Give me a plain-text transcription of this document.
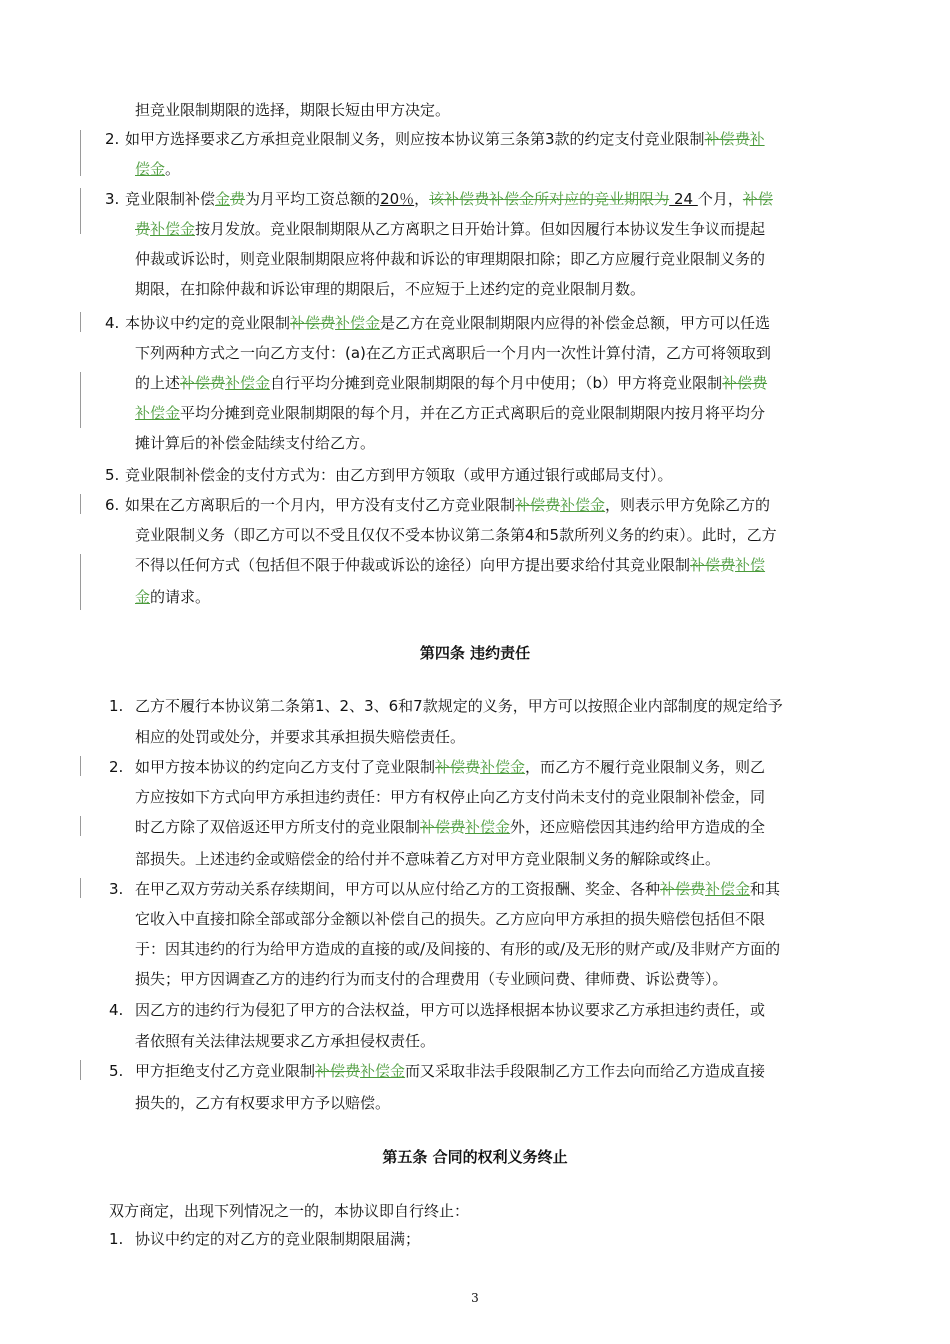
担竞业限制期限的选择，期限长短由甲方决定。
2. 如甲方选择要求乙方承担竞业限制义务，则应按本协议第三条第3款的约定支付竞业限制补偿费补
偿金。
3. 竞业限制补偿金费为月平均工资总额的20％，该补偿费补偿金所对应的竞业期限为 24 个月，补偿
费补偿金按月发放。竞业限制期限从乙方离职之日开始计算。但如因履行本协议发生争议而提起
仲裁或诉讼时，则竞业限制期限应将仲裁和诉讼的审理期限扣除；即乙方应履行竞业限制义务的
期限，在扣除仲裁和诉讼审理的期限后，不应短于上述约定的竞业限制月数。
4. 本协议中约定的竞业限制补偿费补偿金是乙方在竞业限制期限内应得的补偿金总额，甲方可以任选
下列两种方式之一向乙方支付：(a)在乙方正式离职后一个月内一次性计算付清，乙方可将领取到
的上述补偿费补偿金自行平均分摊到竞业限制期限的每个月中使用；（b）甲方将竞业限制补偿费
补偿金平均分摊到竞业限制期限的每个月，并在乙方正式离职后的竞业限制期限内按月将平均分
摊计算后的补偿金陆续支付给乙方。
5. 竞业限制补偿金的支付方式为：由乙方到甲方领取（或甲方通过银行或邮局支付）。
6. 如果在乙方离职后的一个月内，甲方没有支付乙方竞业限制补偿费补偿金，则表示甲方免除乙方的
竞业限制义务（即乙方可以不受且仅仅不受本协议第二条第4和5款所列义务的约束）。此时，乙方
不得以任何方式（包括但不限于仲裁或诉讼的途径）向甲方提出要求给付其竞业限制补偿费补偿
金的请求。
第四条 违约责任
1. 乙方不履行本协议第二条第1、2、3、6和7款规定的义务，甲方可以按照企业内部制度的规定给予
相应的处罚或处分，并要求其承担损失赔偿责任。
2. 如甲方按本协议的约定向乙方支付了竞业限制补偿费补偿金，而乙方不履行竞业限制义务，则乙
方应按如下方式向甲方承担违约责任：甲方有权停止向乙方支付尚未支付的竞业限制补偿金，同
时乙方除了双倍返还甲方所支付的竞业限制补偿费补偿金外，还应赔偿因其违约给甲方造成的全
部损失。上述违约金或赔偿金的给付并不意味着乙方对甲方竞业限制义务的解除或终止。
3. 在甲乙双方劳动关系存续期间，甲方可以从应付给乙方的工资报酬、奖金、各种补偿费补偿金和其
它收入中直接扣除全部或部分金额以补偿自己的损失。乙方应向甲方承担的损失赔偿包括但不限
于：因其违约的行为给甲方造成的直接的或/及间接的、有形的或/及无形的财产或/及非财产方面的
损失；甲方因调查乙方的违约行为而支付的合理费用（专业顾问费、律师费、诉讼费等）。
4. 因乙方的违约行为侵犯了甲方的合法权益，甲方可以选择根据本协议要求乙方承担违约责任，或
者依照有关法律法规要求乙方承担侵权责任。
5. 甲方拒绝支付乙方竞业限制补偿费补偿金而又采取非法手段限制乙方工作去向而给乙方造成直接
损失的，乙方有权要求甲方予以赔偿。
第五条 合同的权利义务终止
双方商定，出现下列情况之一的，本协议即自行终止：
1. 协议中约定的对乙方的竞业限制期限届满；
3
